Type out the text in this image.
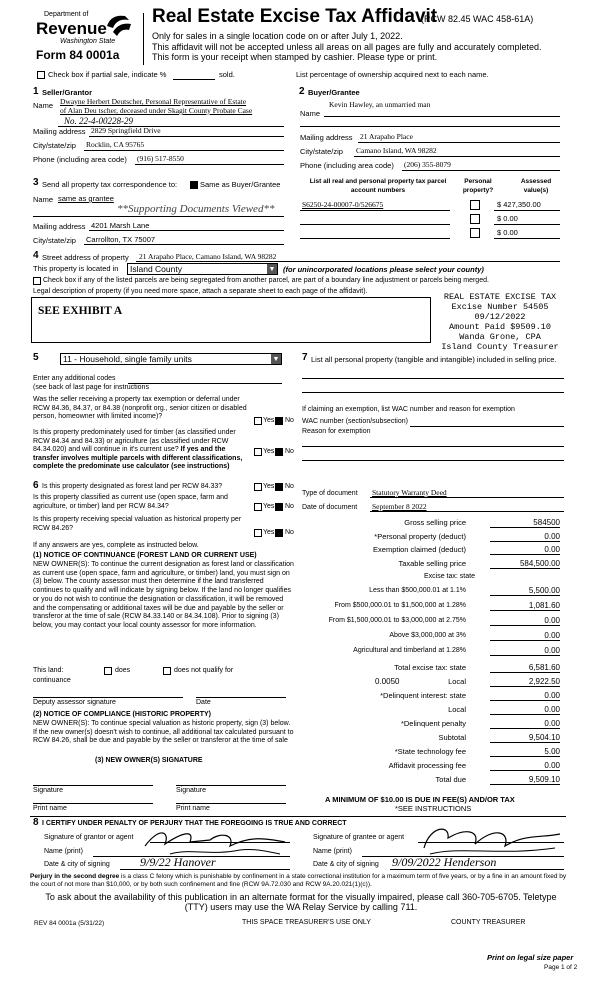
Department of
Revenue
Washington State
Form 84 0001a
Real Estate Excise Tax Affidavit
(RCW 82.45 WAC 458-61A)
Only for sales in a single location code on or after July 1, 2022.
This affidavit will not be accepted unless all areas on all pages are fully and accurately completed.
This form is your receipt when stamped by cashier. Please type or print.
Check box if partial sale, indicate %	sold.	List percentage of ownership acquired next to each name.
1 Seller/Grantor
Name Dwayne Herbert Deutscher, Personal Representative of Estate
of Alan Deu tscher, deceased under Skagit County Probate Case
No. 22-4-00228-29
Mailing address 2829 Springfield Drive
City/state/zip Rocklin, CA 95765
Phone (including area code) (916) 517-8550
2 Buyer/Grantee
Kevin Hawley, an unmarried man
Name
Mailing address 21 Arapaho Place
City/state/zip Camano Island, WA 98282
Phone (including area code) (206) 355-8079
3 Send all property tax correspondence to:	Same as Buyer/Grantee
Name same as grantee
**Supporting Documents Viewed**
Mailing address 4201 Marsh Lane
City/state/zip Carrollton, TX 75007
List all real and personal property tax parcel account numbers
Personal property?
Assessed value(s)
S6250-24-00007-0/526675	$ 427,350.00
$ 0.00
$ 0.00
4 Street address of property 21 Arapaho Place, Camano Island, WA 98282
This property is located in	Island County	▼ (for unincorporated locations please select your county)
Check box if any of the listed parcels are being segregated from another parcel, are part of a boundary line adjustment or parcels being merged.
Legal description of property (if you need more space, attach a separate sheet to each page of the affidavit).
SEE EXHIBIT A
REAL ESTATE EXCISE TAX
Excise Number 54505
09/12/2022
Amount Paid $9509.10
Wanda Grone, CPA
Island County Treasurer
5	11 - Household, single family units	▼
Enter any additional codes
(see back of last page for instructions
Was the seller receiving a property tax exemption or deferral under RCW 84.36, 84.37, or 84.38 (nonprofit org., senior citizen or disabled person, homeowner with limited income)?
Yes No
Is this property predominately used for timber (as classified under RCW 84.34 and 84.33) or agriculture (as classified under RCW 84.34.020) and will continue in it's current use? If yes and the transfer involves multiple parcels with different classifications, complete the predominate use calculator (see instructions)
Yes No
7 List all personal property (tangible and intangible) included in selling price.
If claiming an exemption, list WAC number and reason for exemption
WAC number (section/subsection)
Reason for exemption
6 Is this property designated as forest land per RCW 84.33?	Yes No
Is this property classified as current use (open space, farm and agriculture, or timber) land per RCW 84.34?	Yes No
Is this property receiving special valuation as historical property per RCW 84.26?
Yes No
If any answers are yes, complete as instructed below.
(1) NOTICE OF CONTINUANCE (FOREST LAND OR CURRENT USE)
NEW OWNER(S): To continue the current designation as forest land or classification as current use (open space, farm and agriculture, or timber) land, you must sign on (3) below. The county assessor must then determine if the land transferred continues to qualify and will indicate by signing below. If the land no longer qualifies or you do not wish to continue the designation or classification, it will be removed and the compensating or additional taxes will be due and payable by the seller or transferor at the time of sale (RCW 84.33.140 or 84.34.108). Prior to signing (3) below, you may contact your local county assessor for more information.
This land:	does	does not qualify for
continuance
Deputy assessor signature	Date
(2) NOTICE OF COMPLIANCE (HISTORIC PROPERTY)
NEW OWNER(S): To continue special valuation as historic property, sign (3) below. If the new owner(s) doesn't wish to continue, all additional tax calculated pursuant to RCW 84.26, shall be due and payable by the seller or transferor at the time of sale
(3) NEW OWNER(S) SIGNATURE
Signature	Signature
Print name	Print name
Type of document Statutory Warranty Deed
Date of document September 8 2022
Gross selling price	584500
*Personal property (deduct)	0.00
Exemption claimed (deduct)	0.00
Taxable selling price	584,500.00
Excise tax: state
Less than $500,000.01 at 1.1%	5,500.00
From $500,000.01 to $1,500,000 at 1.28%	1,081.60
From $1,500,000.01 to $3,000,000 at 2.75%	0.00
Above $3,000,000 at 3%	0.00
Agricultural and timberland at 1.28%	0.00
Total excise tax: state	6,581.60
0.0050	Local	2,922.50
*Delinquent interest: state	0.00
Local	0.00
*Delinquent penalty	0.00
Subtotal	9,504.10
*State technology fee	5.00
Affidavit processing fee	0.00
Total due	9,509.10
A MINIMUM OF $10.00 IS DUE IN FEE(S) AND/OR TAX
*SEE INSTRUCTIONS
8 I CERTIFY UNDER PENALTY OF PERJURY THAT THE FOREGOING IS TRUE AND CORRECT
Signature of grantor or agent
Name (print)
Date & city of signing	9/9/22 Hanover
Signature of grantee or agent
Name (print)
Date & city of signing 9/09/2022 Henderson
Perjury in the second degree is a class C felony which is punishable by confinement in a state correctional institution for a maximum term of five years, or by a fine in an amount fixed by the court of not more than $10,000, or by both such confinement and fine (RCW 9A.72.030 and RCW 9A.20.021(1)(c)).
To ask about the availability of this publication in an alternate format for the visually impaired, please call 360-705-6705. Teletype (TTY) users may use the WA Relay Service by calling 711.
REV 84 0001a (5/31/22)	THIS SPACE TREASURER'S USE ONLY	COUNTY TREASURER
Print on legal size paper
Page 1 of 2
